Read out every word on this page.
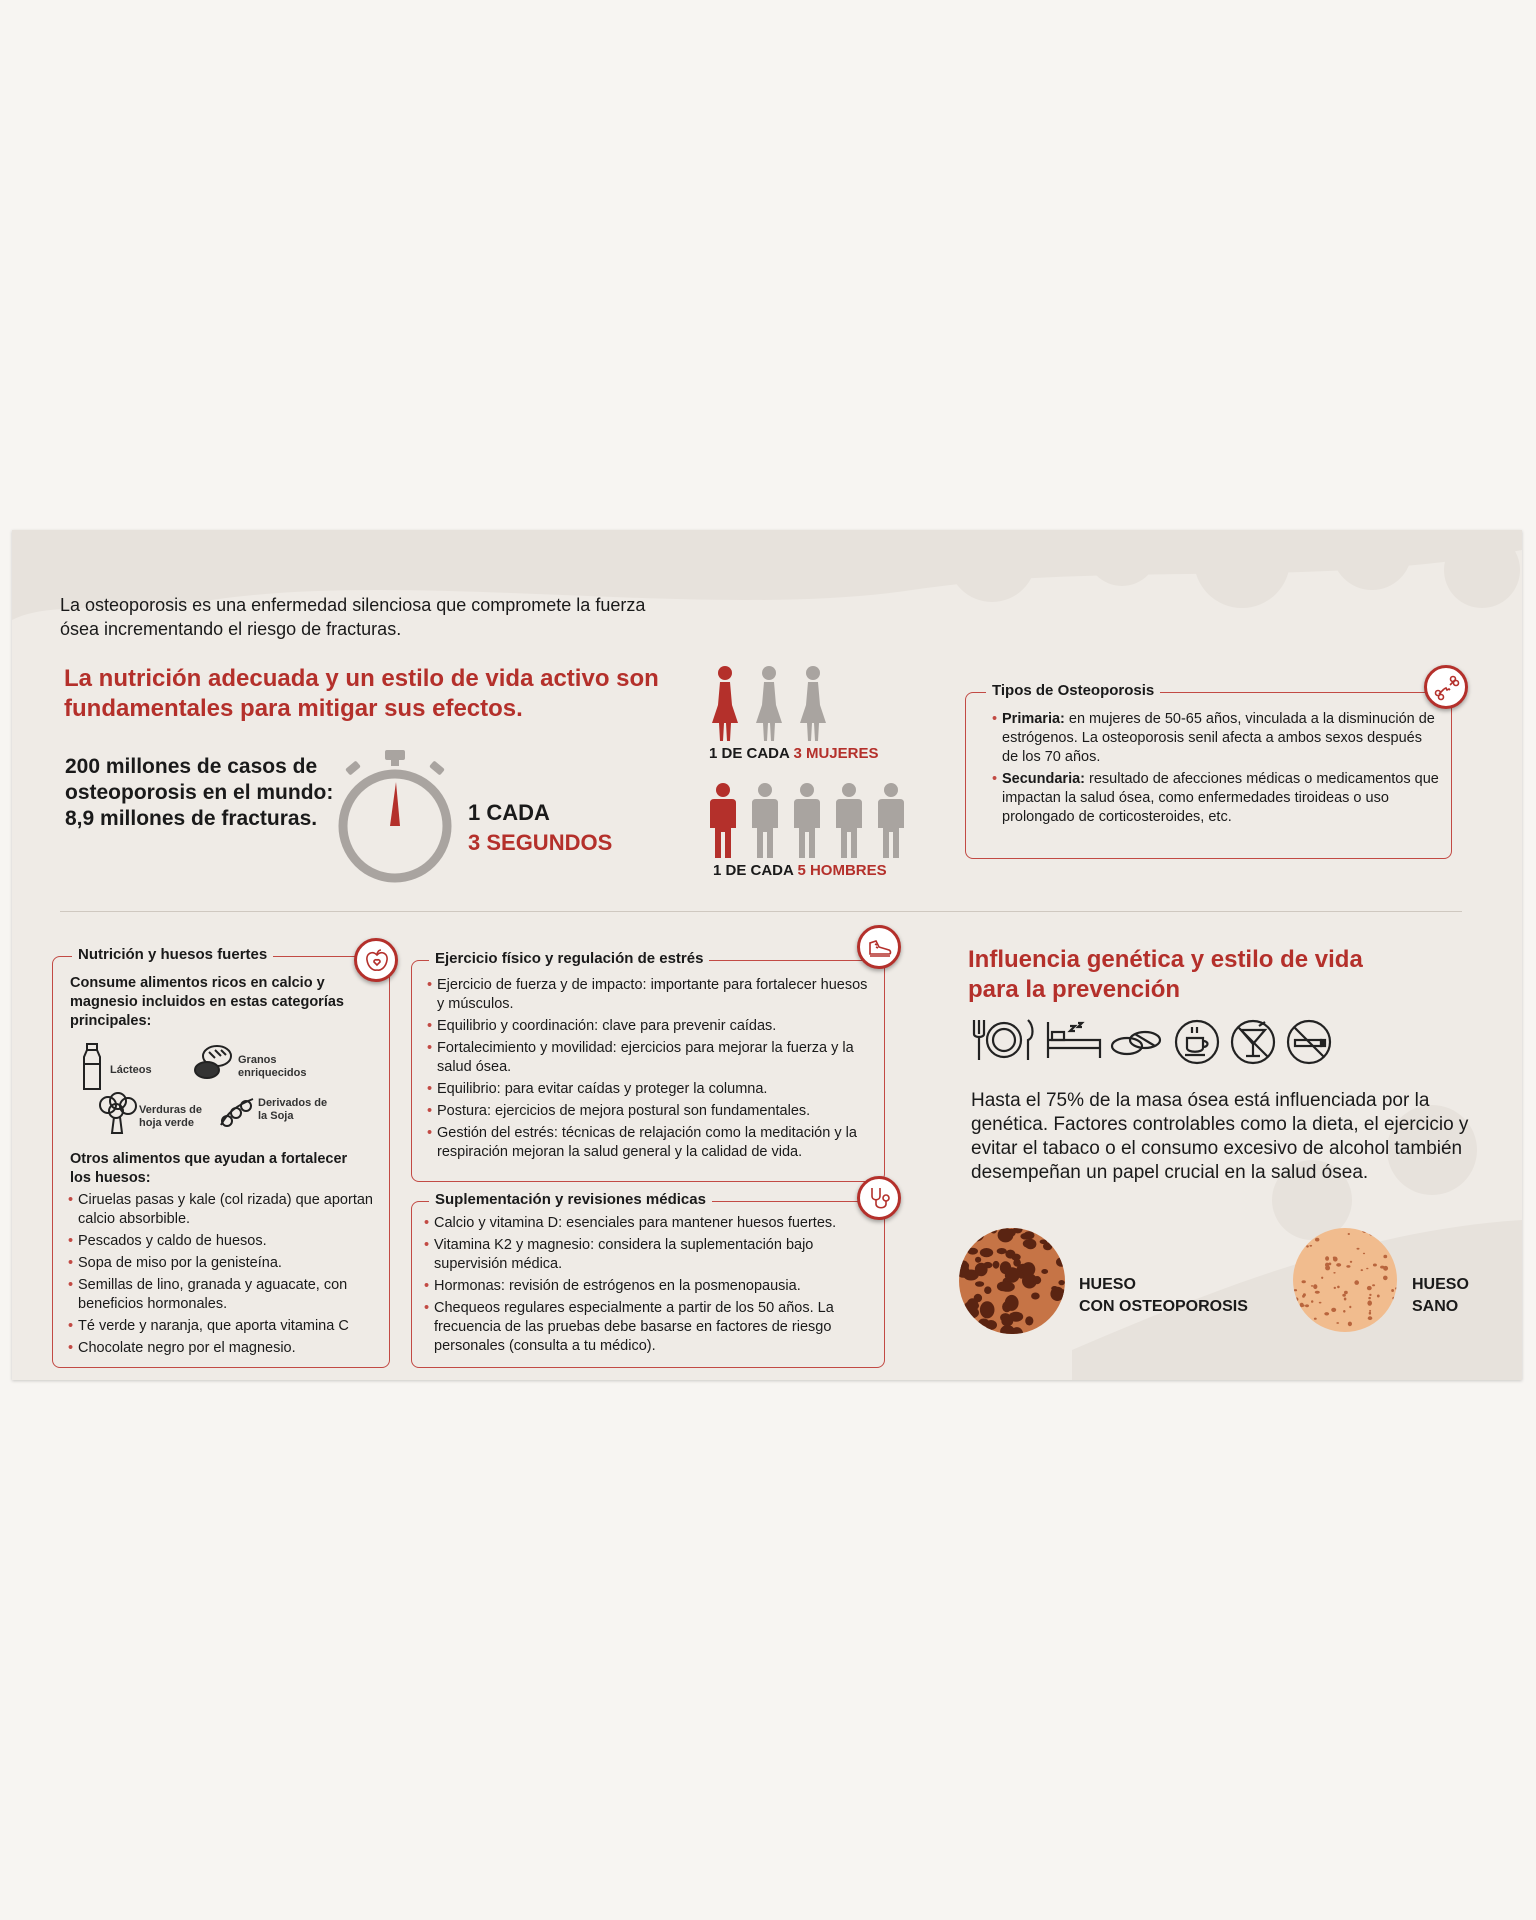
La osteoporosis es una enfermedad silenciosa que compromete la fuerza ósea incrementando el riesgo de fracturas.
La nutrición adecuada y un estilo de vida activo son fundamentales para mitigar sus efectos.
200 millones de casos de osteoporosis en el mundo:
8,9 millones de fracturas.	1 CADA
3 SEGUNDOS
1 DE CADA 3 MUJERES
1 DE CADA 5 HOMBRES
Tipos de Osteoporosis
• Primaria: en mujeres de 50-65 años, vinculada a la disminución de estrógenos. La osteoporosis senil afecta a ambos sexos después de los 70 años.
• Secundaria: resultado de afecciones médicas o medicamentos que impactan la salud ósea, como enfermedades tiroideas o uso prolongado de corticosteroides, etc.
Nutrición y huesos fuertes
Consume alimentos ricos en calcio y magnesio incluidos en estas categorías principales:
Lácteos
Granos enriquecidos
Verduras de hoja verde
Derivados de la Soja
Otros alimentos que ayudan a fortalecer los huesos:
• Ciruelas pasas y kale (col rizada) que aportan calcio absorbible.
• Pescados y caldo de huesos.
• Sopa de miso por la genisteína.
• Semillas de lino, granada y aguacate, con beneficios hormonales.
• Té verde y naranja, que aporta vitamina C
• Chocolate negro por el magnesio.
Ejercicio físico y regulación de estrés
• Ejercicio de fuerza y de impacto: importante para fortalecer huesos y músculos.
• Equilibrio y coordinación: clave para prevenir caídas.
• Fortalecimiento y movilidad: ejercicios para mejorar la fuerza y la salud ósea.
• Equilibrio: para evitar caídas y proteger la columna.
• Postura: ejercicios de mejora postural son fundamentales.
• Gestión del estrés: técnicas de relajación como la meditación y la respiración mejoran la salud general y la calidad de vida.
Suplementación y revisiones médicas
• Calcio y vitamina D: esenciales para mantener huesos fuertes.
• Vitamina K2 y magnesio: considera la suplementación bajo supervisión médica.
• Hormonas: revisión de estrógenos en la posmenopausia.
• Chequeos regulares especialmente a partir de los 50 años. La frecuencia de las pruebas debe basarse en factores de riesgo personales (consulta a tu médico).
Influencia genética y estilo de vida para la prevención
Hasta el 75% de la masa ósea está influenciada por la genética. Factores controlables como la dieta, el ejercicio y evitar el tabaco o el consumo excesivo de alcohol también desempeñan un papel crucial en la salud ósea.
HUESO
CON OSTEOPOROSIS
HUESO
SANO
